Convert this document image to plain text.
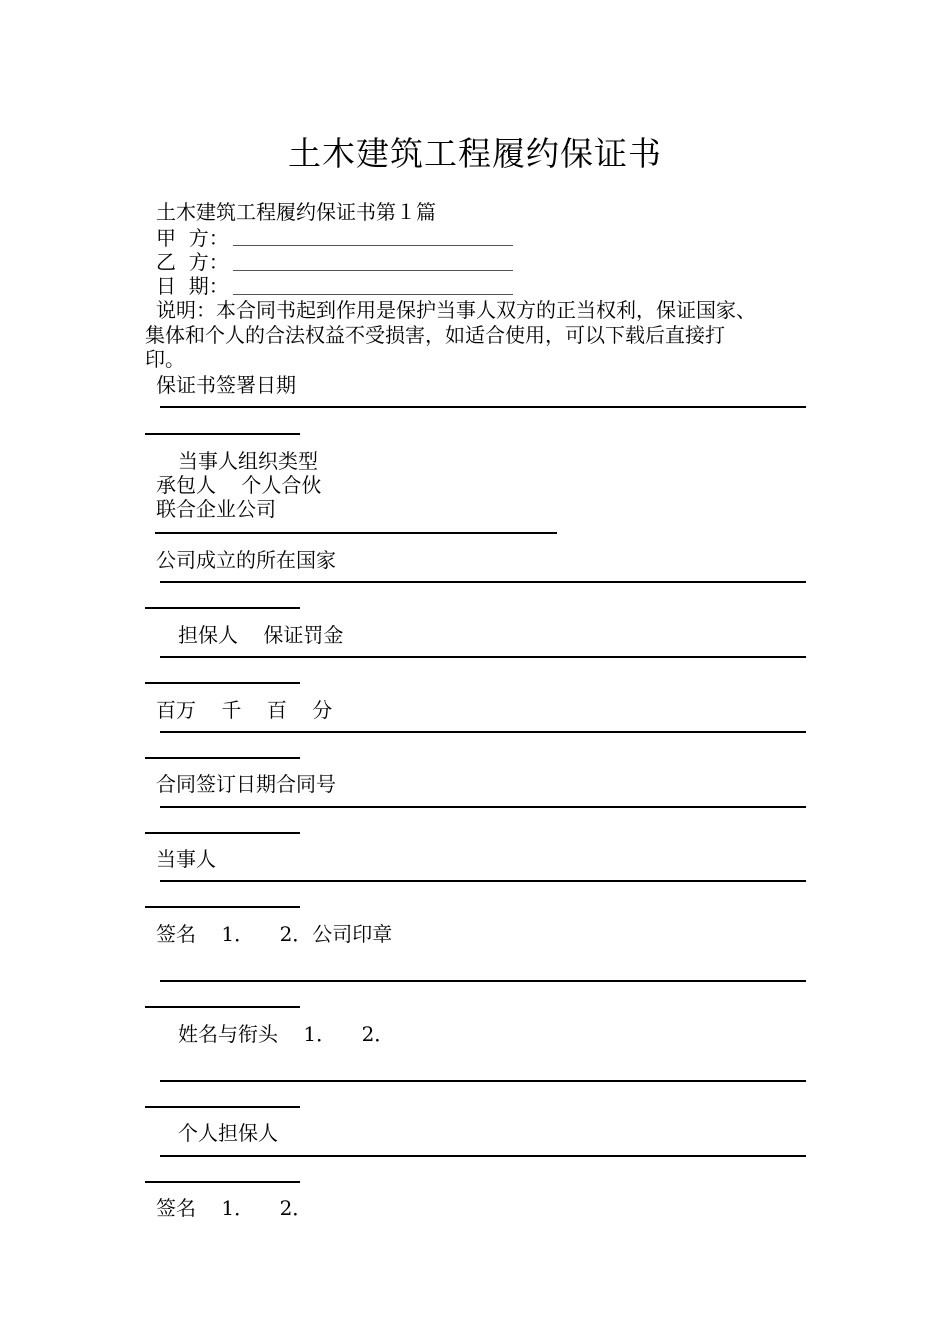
土木建筑工程履约保证书
土木建筑工程履约保证书第１篇
甲  方：
乙  方：
日  期：
说明：本合同书起到作用是保护当事人双方的正当权利，保证国家、
集体和个人的合法权益不受损害，如适合使用，可以下载后直接打
印。
保证书签署日期
当事人组织类型
承包人    个人合伙
联合企业公司
公司成立的所在国家
担保人    保证罚金
百万    千    百    分
合同签订日期合同号
当事人
签名    1．    2．公司印章
姓名与衔头    1．    2．
个人担保人
签名    1．    2．
